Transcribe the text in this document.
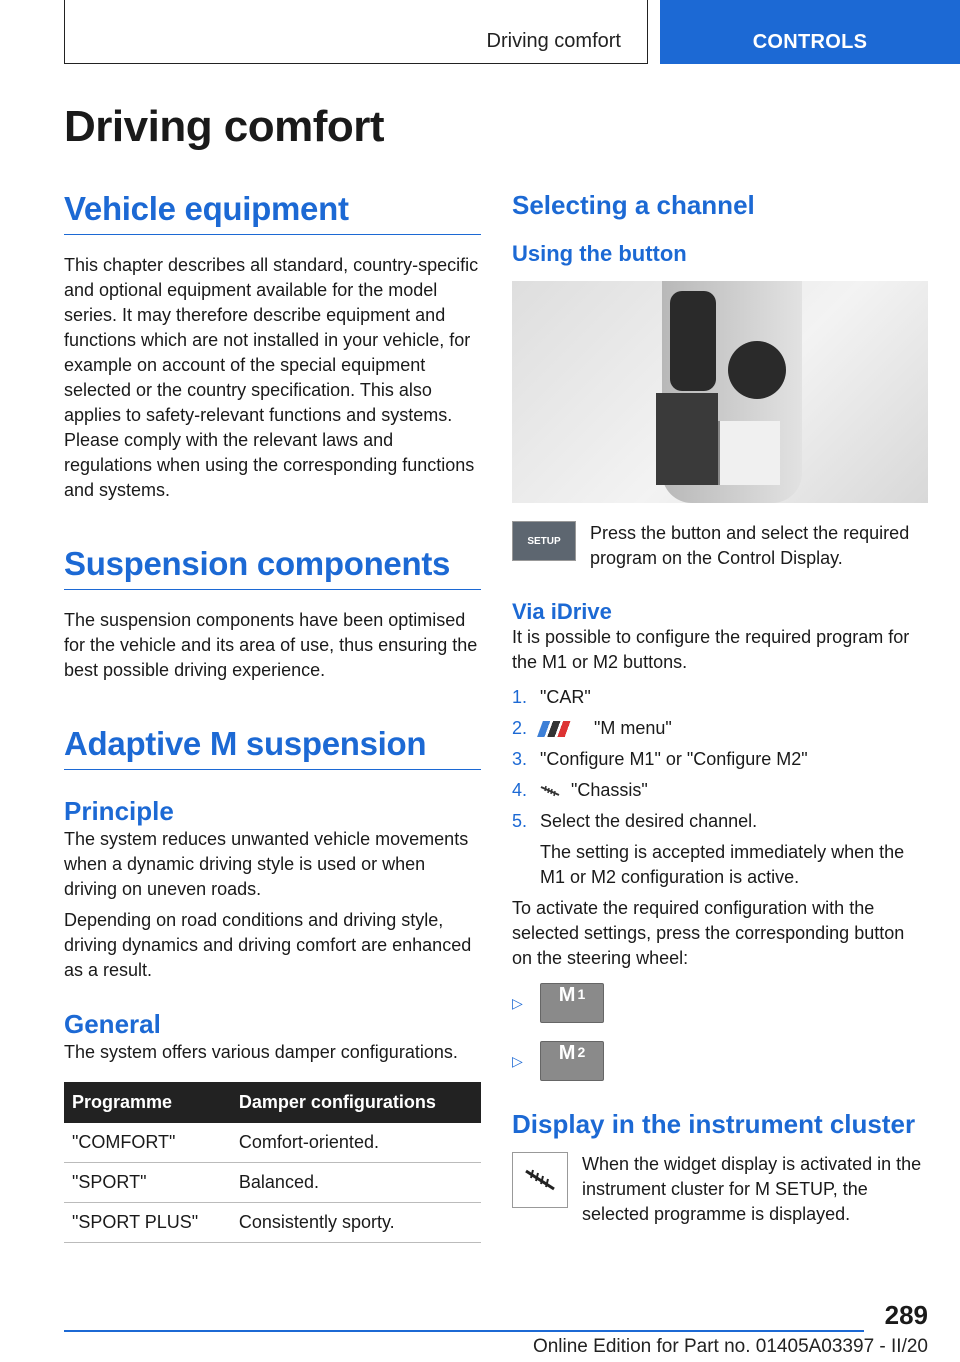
Driving comfort	CONTROLS
Driving comfort
Vehicle equipment

This chapter describes all standard, country-specific and optional equipment available for the model series. It may therefore describe equipment and functions which are not installed in your vehicle, for example on account of the special equipment selected or the country specification. This also applies to safety-relevant functions and systems. Please comply with the relevant laws and regulations when using the corresponding functions and systems.

Suspension components

The suspension components have been optimised for the vehicle and its area of use, thus ensuring the best possible driving experience.

Adaptive M suspension
Principle

The system reduces unwanted vehicle movements when a dynamic driving style is used or when driving on uneven roads.

Depending on road conditions and driving style, driving dynamics and driving comfort are enhanced as a result.

General

The system offers various damper configurations.

Programme	Damper configurations
"COMFORT"	Comfort-oriented.
"SPORT"	Balanced.
"SPORT PLUS"	Consistently sporty.
Selecting a channel
Using the button
SETUP	Press the button and select the required program on the Control Display.

Via iDrive

It is possible to configure the required program for the M1 or M2 buttons.

1. "CAR"
2.	"M menu"
3. "Configure M1" or "Configure M2"
4.	"Chassis"
5. Select the desired channel.

The setting is accepted immediately when the M1 or M2 configuration is active.

To activate the required configuration with the selected settings, press the corresponding button on the steering wheel:

▷	M 1
▷	M 2
Display in the instrument cluster

When the widget display is activated in the instrument cluster for M SETUP, the selected programme is displayed.

289
Online Edition for Part no. 01405A03397 - II/20
